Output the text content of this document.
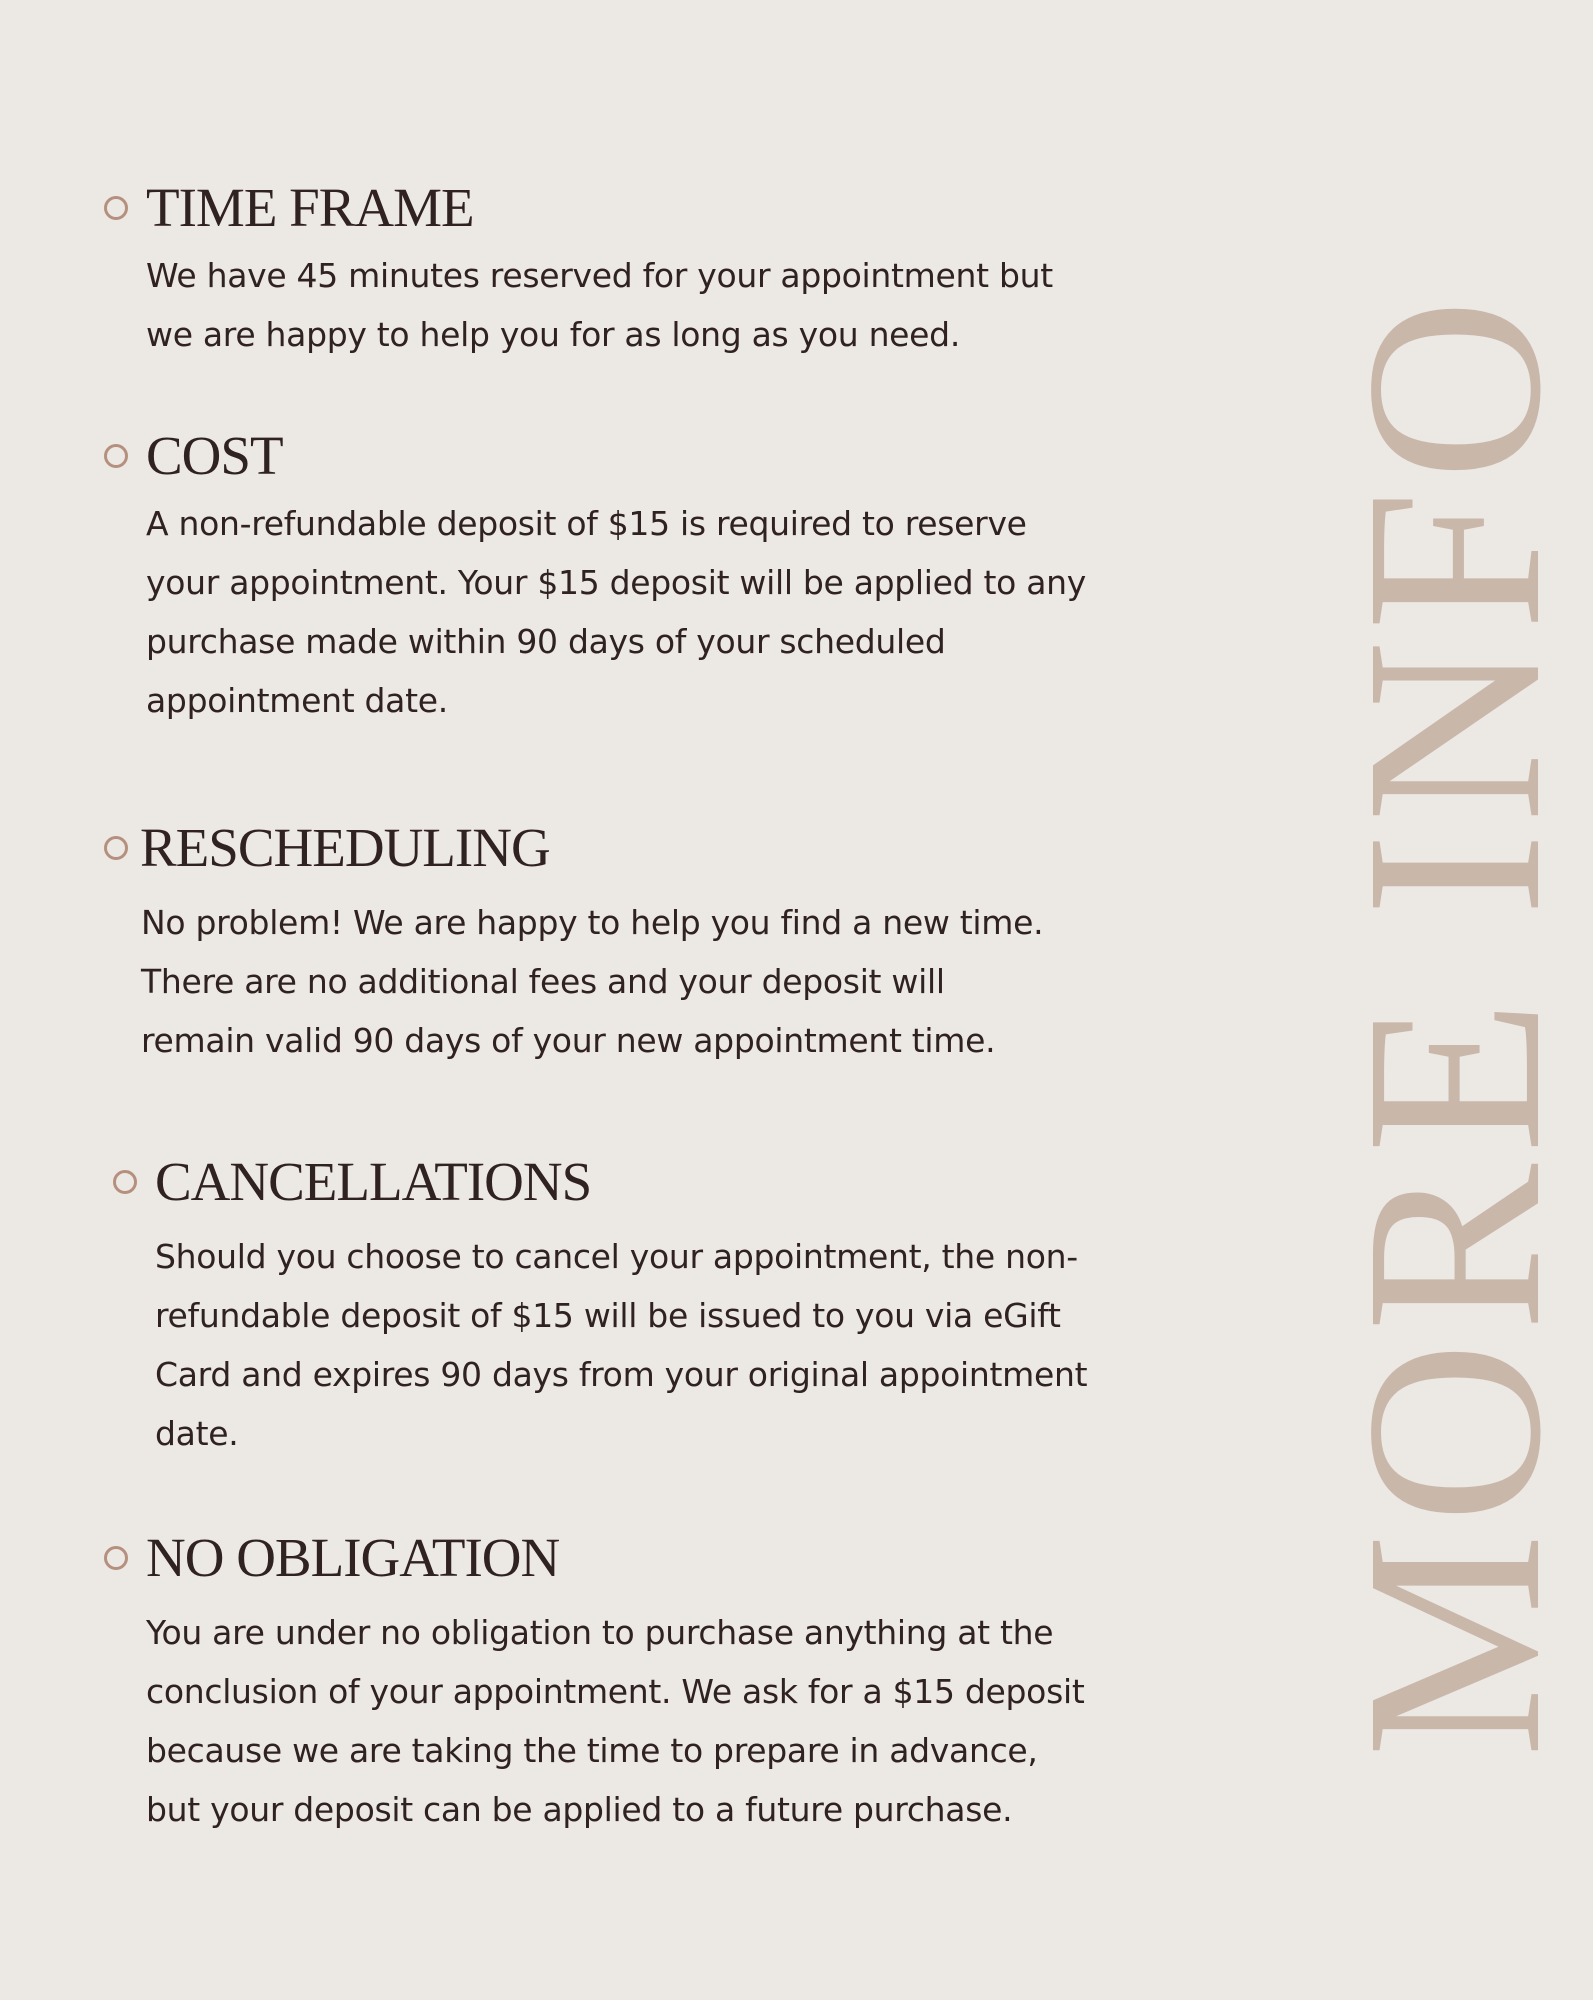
TIME FRAME
We have 45 minutes reserved for your appointment but
we are happy to help you for as long as you need.
COST
A non-refundable deposit of $15 is required to reserve
your appointment. Your $15 deposit will be applied to any
purchase made within 90 days of your scheduled
appointment date.
RESCHEDULING
No problem! We are happy to help you find a new time.
There are no additional fees and your deposit will
remain valid 90 days of your new appointment time.
CANCELLATIONS
Should you choose to cancel your appointment, the non-
refundable deposit of $15 will be issued to you via eGift
Card and expires 90 days from your original appointment
date.
NO OBLIGATION
You are under no obligation to purchase anything at the
conclusion of your appointment. We ask for a $15 deposit
because we are taking the time to prepare in advance,
but your deposit can be applied to a future purchase.
MORE INFO
